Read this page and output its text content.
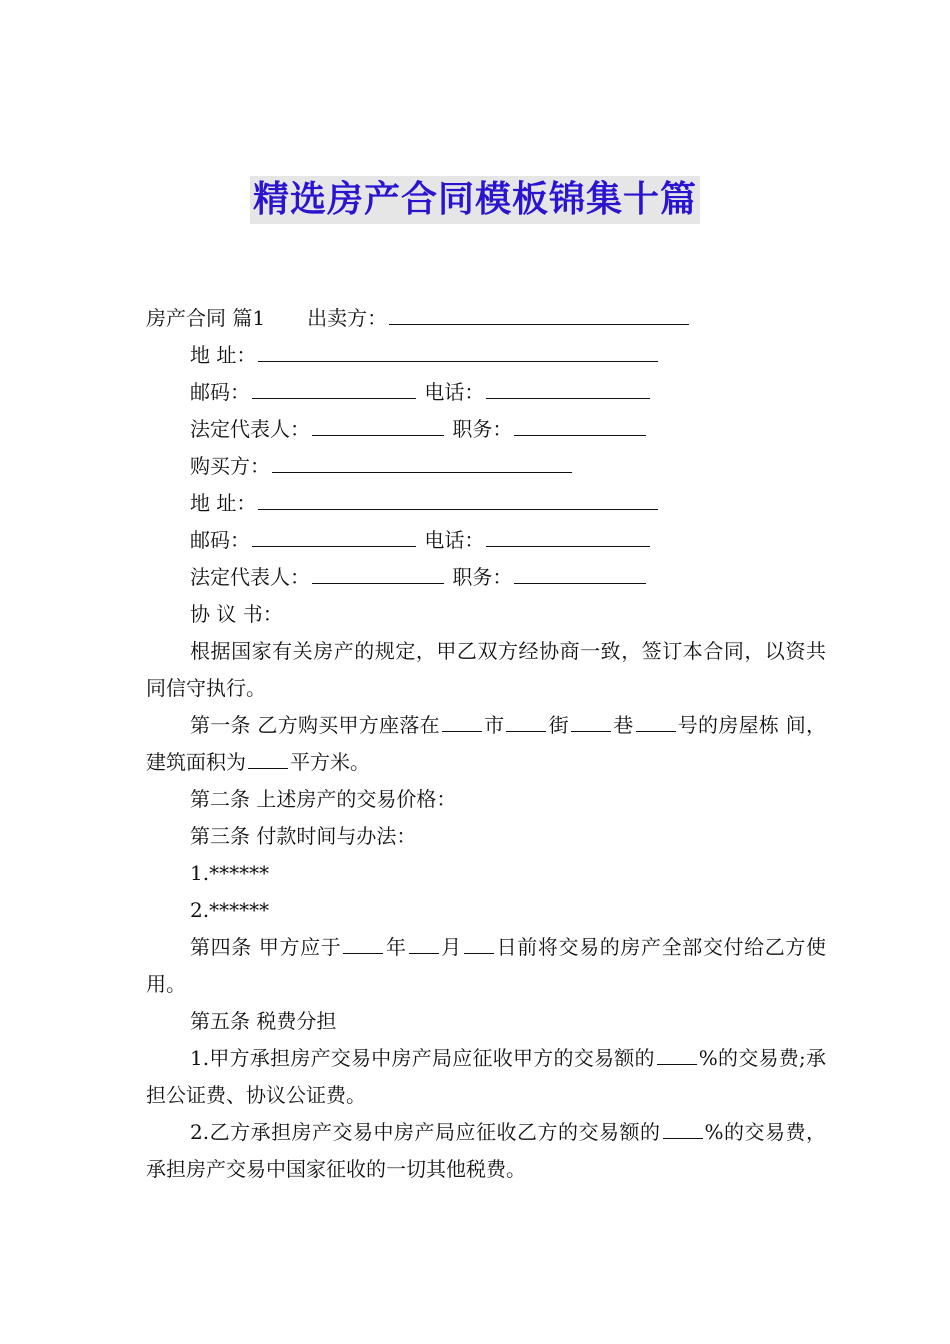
精选房产合同模板锦集十篇
房产合同 篇1 出卖方：
地 址：
邮码：	电话：
法定代表人：	职务：
购买方：
地 址：
邮码：	电话：
法定代表人：	职务：
协 议 书：
根据国家有关房产的规定，甲乙双方经协商一致，签订本合同，以资共同信守执行。
第一条 乙方购买甲方座落在 市 街 巷 号的房屋栋 间，建筑面积为 平方米。
第二条 上述房产的交易价格：
第三条 付款时间与办法：
1.******
2.******
第四条 甲方应于 年 月 日前将交易的房产全部交付给乙方使用。
第五条 税费分担
1.甲方承担房产交易中房产局应征收甲方的交易额的 %的交易费;承担公证费、协议公证费。
2.乙方承担房产交易中房产局应征收乙方的交易额的 %的交易费，承担房产交易中国家征收的一切其他税费。
